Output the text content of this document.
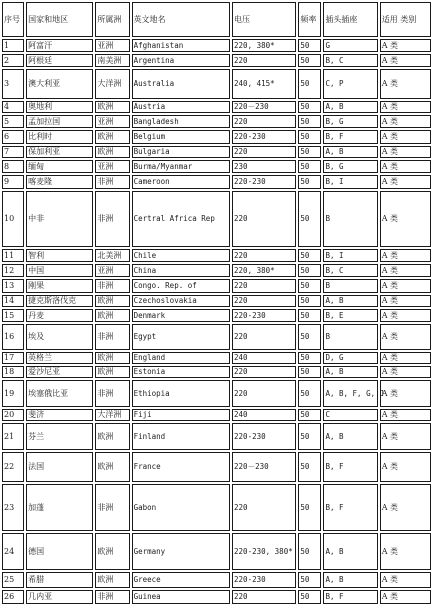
序号	国家和地区	所属洲	英文地名	电压	频率	插头插座	适用 类别
1	阿富汗	亚洲	Afghanistan	220, 380*	50	G	A 类
2	阿根廷	南美洲	Argentina	220	50	B, C	A 类
3	澳大利亚	大洋洲	Australia	240, 415*	50	C, P	A 类
4	奥地利	欧洲	Austria	220－230	50	A, B	A 类
5	孟加拉国	亚洲	Bangladesh	220	50	B, G	A 类
6	比利时	欧洲	Belgium	220-230	50	B, F	A 类
7	保加利亚	欧洲	Bulgaria	220	50	A, B	A 类
8	缅甸	亚洲	Burma/Myanmar	230	50	B, G	A 类
9	喀麦隆	非洲	Cameroon	220-230	50	B, I	A 类
10	中非	非洲	Certral Africa Rep	220	50	B	A 类
11	智利	北美洲	Chile	220	50	B, I	A 类
12	中国	亚洲	China	220, 380*	50	B, C	A 类
13	刚果	非洲	Congo. Rep. of	220	50	B	A 类
14	捷克斯洛伐克	欧洲	Czechoslovakia	220	50	A, B	A 类
15	丹麦	欧洲	Denmark	220-230	50	B, E	A 类
16	埃及	非洲	Egypt	220	50	B	A 类
17	英格兰	欧洲	England	240	50	D, G	A 类
18	爱沙尼亚	欧洲	Estonia	220	50	A, B	A 类
19	埃塞俄比亚	非洲	Ethiopia	220	50	A, B, F, G, J	A 类
20	斐济	大洋洲	Fiji	240	50	C	A 类
21	芬兰	欧洲	Finland	220-230	50	A, B	A 类
22	法国	欧洲	France	220－230	50	B, F	A 类
23	加蓬	非洲	Gabon	220	50	B, F	A 类
24	德国	欧洲	Germany	220-230, 380*	50	A, B	A 类
25	希腊	欧洲	Greece	220-230	50	A, B	A 类
26	几内亚	非洲	Guinea	220	50	B, F	A 类
